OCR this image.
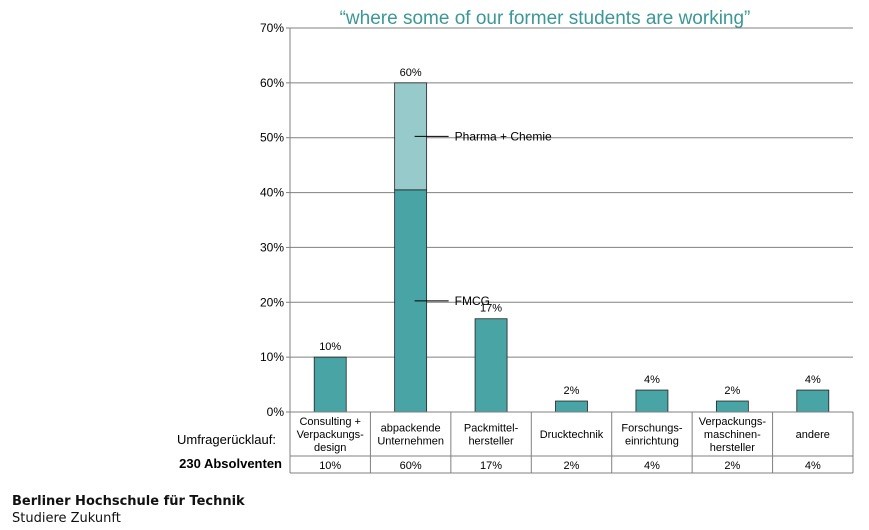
“where some of our former students are working”
0%
10%
20%
30%
40%
50%
60%
70%
10%
FMCG
Pharma + Chemie
60%
17%
2%
4%
2%
4%
Consulting + Verpackungs-design
10%
abpackende Unternehmen
60%
Packmittel-hersteller
17%
Drucktechnik
2%
Forschungs-einrichtung
4%
Verpackungs-maschinen-hersteller
2%
andere
4%
Umfragerücklauf:
230 Absolventen
Berliner Hochschule für Technik
Studiere Zukunft
